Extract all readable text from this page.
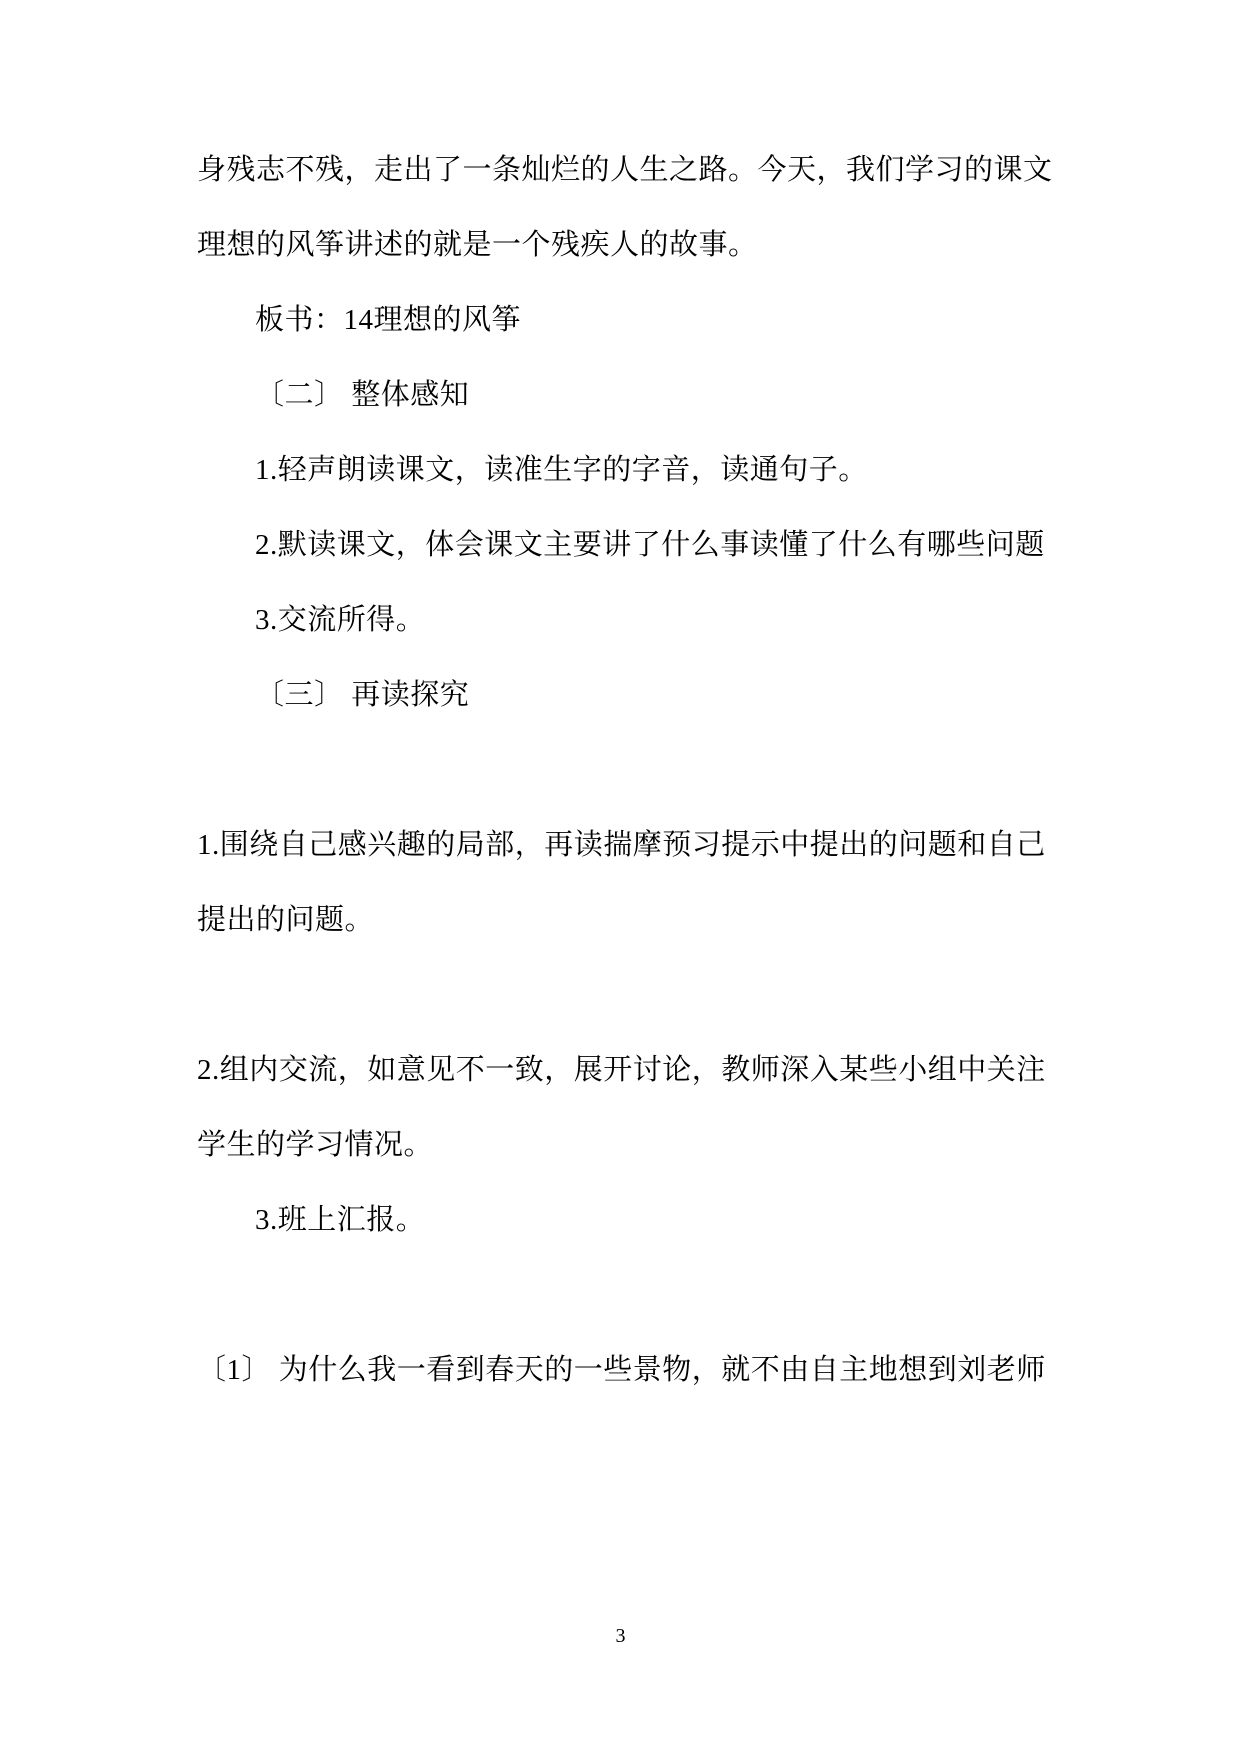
身残志不残，走出了一条灿烂的人生之路。今天，我们学习的课文

理想的风筝讲述的就是一个残疾人的故事。

板书：14理想的风筝

〔二〕 整体感知

1.轻声朗读课文，读准生字的字音，读通句子。

2.默读课文，体会课文主要讲了什么事读懂了什么有哪些问题

3.交流所得。

〔三〕 再读探究

1.围绕自己感兴趣的局部，再读揣摩预习提示中提出的问题和自己

提出的问题。

2.组内交流，如意见不一致，展开讨论，教师深入某些小组中关注

学生的学习情况。

3.班上汇报。

〔1〕 为什么我一看到春天的一些景物，就不由自主地想到刘老师

3
